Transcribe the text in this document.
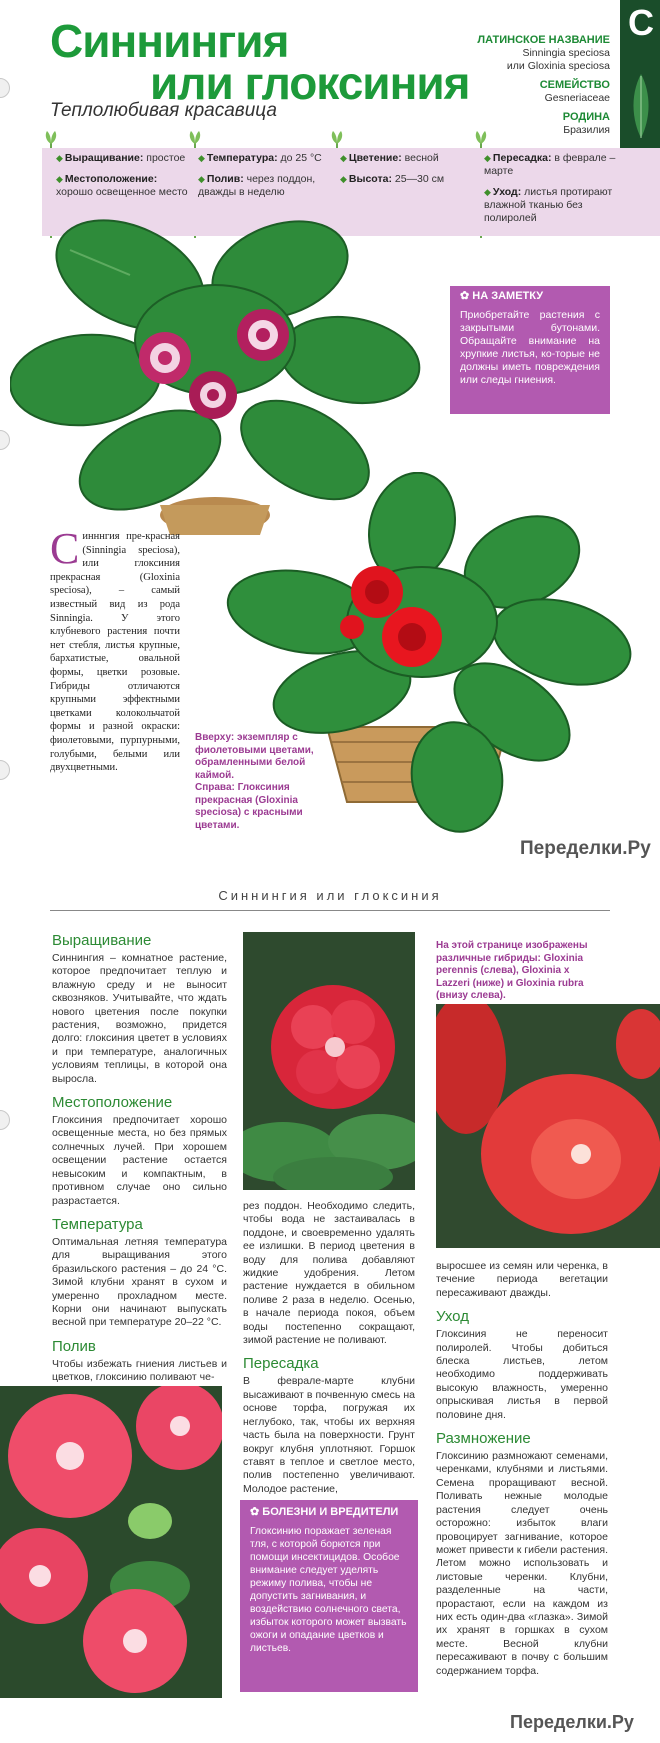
Синнингия
или глоксиния
Теплолюбивая красавица
ЛАТИНСКОЕ НАЗВАНИЕ
Sinningia speciosa
или Gloxinia speciosa
СЕМЕЙСТВО
Gesneriaceae
РОДИНА
Бразилия
С
◆ Выращивание: простое
◆ Местоположение: хорошо освещенное место
◆ Температура: до 25 °С
◆ Полив: через поддон, дважды в неделю
◆ Цветение: весной
◆ Высота: 25—30 см
◆ Пересадка: в феврале – марте
◆ Уход: листья протирают влажной тканью без полиролей
✿ НА ЗАМЕТКУ

Приобретайте растения с закрытыми бутонами. Обращайте внимание на хрупкие листья, ко-торые не должны иметь повреждения или следы гниения.

С инннгия пре-красная (Sinningia speciosa), или глоксиния прекрасная (Gloxinia speciosa), – самый известный вид из рода Sinningia. У этого клубневого растения почти нет стебля, листья крупные, бархатистые, овальной формы, цветки розовые. Гибриды отличаются крупными эффектными цветками колокольчатой формы и разной окраски: фиолетовыми, пурпурными, голубыми, белыми или двухцветными.
Вверху: экземпляр с фиолетовыми цветами, обрамленными белой каймой.
Справа: Глоксиния прекрасная (Gloxinia speciosa) с красными цветами.
Переделки.Ру
Синнингия или глоксиния
Выращивание

Синнингия – комнатное растение, которое предпочитает теплую и влажную среду и не выносит сквозняков. Учитывайте, что ждать нового цветения после покупки растения, возможно, придется долго: глоксиния цветет в условиях и при температуре, аналогичных условиям теплицы, в которой она выросла.

Местоположение

Глоксиния предпочитает хорошо освещенные места, но без прямых солнечных лучей. При хорошем освещении растение остается невысоким и компактным, в противном случае оно сильно разрастается.

Температура

Оптимальная летняя температура для выращивания этого бразильского растения – до 24 °С. Зимой клубни хранят в сухом и умеренно прохладном месте. Корни они начинают выпускать весной при температуре 20–22 °С.

Полив

Чтобы избежать гниения листьев и цветков, глоксинию поливают че-

рез поддон. Необходимо следить, чтобы вода не застаивалась в поддоне, и своевременно удалять ее излишки. В период цветения в воду для полива добавляют жидкие удобрения. Летом растение нуждается в обильном поливе 2 раза в неделю. Осенью, в начале периода покоя, объем воды постепенно сокращают, зимой растение не поливают.

Пересадка

В феврале-марте клубни высаживают в почвенную смесь на основе торфа, погружая их неглубоко, так, чтобы их верхняя часть была на поверхности. Грунт вокруг клубня уплотняют. Горшок ставят в теплое и светлое место, полив постепенно увеличивают. Молодое растение,

На этой странице изображены различные гибриды: Gloxinia perennis (слева), Gloxinia x Lazzeri (ниже) и Gloxinia rubra (внизу слева).

выросшее из семян или черенка, в течение периода вегетации пересаживают дважды.

Уход

Глоксиния не переносит полиролей. Чтобы добиться блеска листьев, летом необходимо поддерживать высокую влажность, умеренно опрыскивая листья в первой половине дня.

Размножение

Глоксинию размножают семенами, черенками, клубнями и листьями. Семена проращивают весной. Поливать нежные молодые растения следует очень осторожно: избыток влаги провоцирует загнивание, которое может привести к гибели растения. Летом можно использовать и листовые черенки. Клубни, разделенные на части, прорастают, если на каждом из них есть один-два «глазка». Зимой их хранят в горшках в сухом месте. Весной клубни пересаживают в почву с большим содержанием торфа.

✿ БОЛЕЗНИ И ВРЕДИТЕЛИ

Глоксинию поражает зеленая тля, с которой борются при помощи инсектицидов. Особое внимание следует уделять режиму полива, чтобы не допустить загнивания, и воздействию солнечного света, избыток которого может вызвать ожоги и опадание цветков и листьев.

Переделки.Ру
